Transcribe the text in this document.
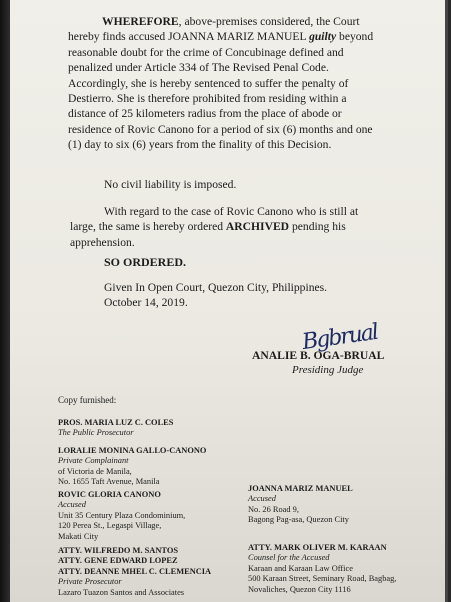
WHEREFORE, above-premises considered, the Court
hereby finds accused JOANNA MARIZ MANUEL guilty beyond
reasonable doubt for the crime of Concubinage defined and
penalized under Article 334 of The Revised Penal Code.
Accordingly, she is hereby sentenced to suffer the penalty of
Destierro. She is therefore prohibited from residing within a
distance of 25 kilometers radius from the place of abode or
residence of Rovic Canono for a period of six (6) months and one
(1) day to six (6) years from the finality of this Decision.
No civil liability is imposed.
With regard to the case of Rovic Canono who is still at
large, the same is hereby ordered ARCHIVED pending his
apprehension.
SO ORDERED.
Given In Open Court, Quezon City, Philippines.
October 14, 2019.
Bgbrual
ANALIE B. OGA-BRUAL
Presiding Judge
Copy furnished:
PROS. MARIA LUZ C. COLES
The Public Prosecutor
LORALIE MONINA GALLO-CANONO
Private Complainant
of Victoria de Manila,
No. 1655 Taft Avenue, Manila
ROVIC GLORIA CANONO
Accused
Unit 35 Century Plaza Condominium,
120 Perea St., Legaspi Village,
Makati City
JOANNA MARIZ MANUEL
Accused
No. 26 Road 9,
Bagong Pag-asa, Quezon City
ATTY. WILFREDO M. SANTOS
ATTY. GENE EDWARD LOPEZ
ATTY. DEANNE MHEL C. CLEMENCIA
Private Prosecutor
Lazaro Tuazon Santos and Associates
ATTY. MARK OLIVER M. KARAAN
Counsel for the Accused
Karaan and Karaan Law Office
500 Karaan Street, Seminary Road, Bagbag,
Novaliches, Quezon City 1116
